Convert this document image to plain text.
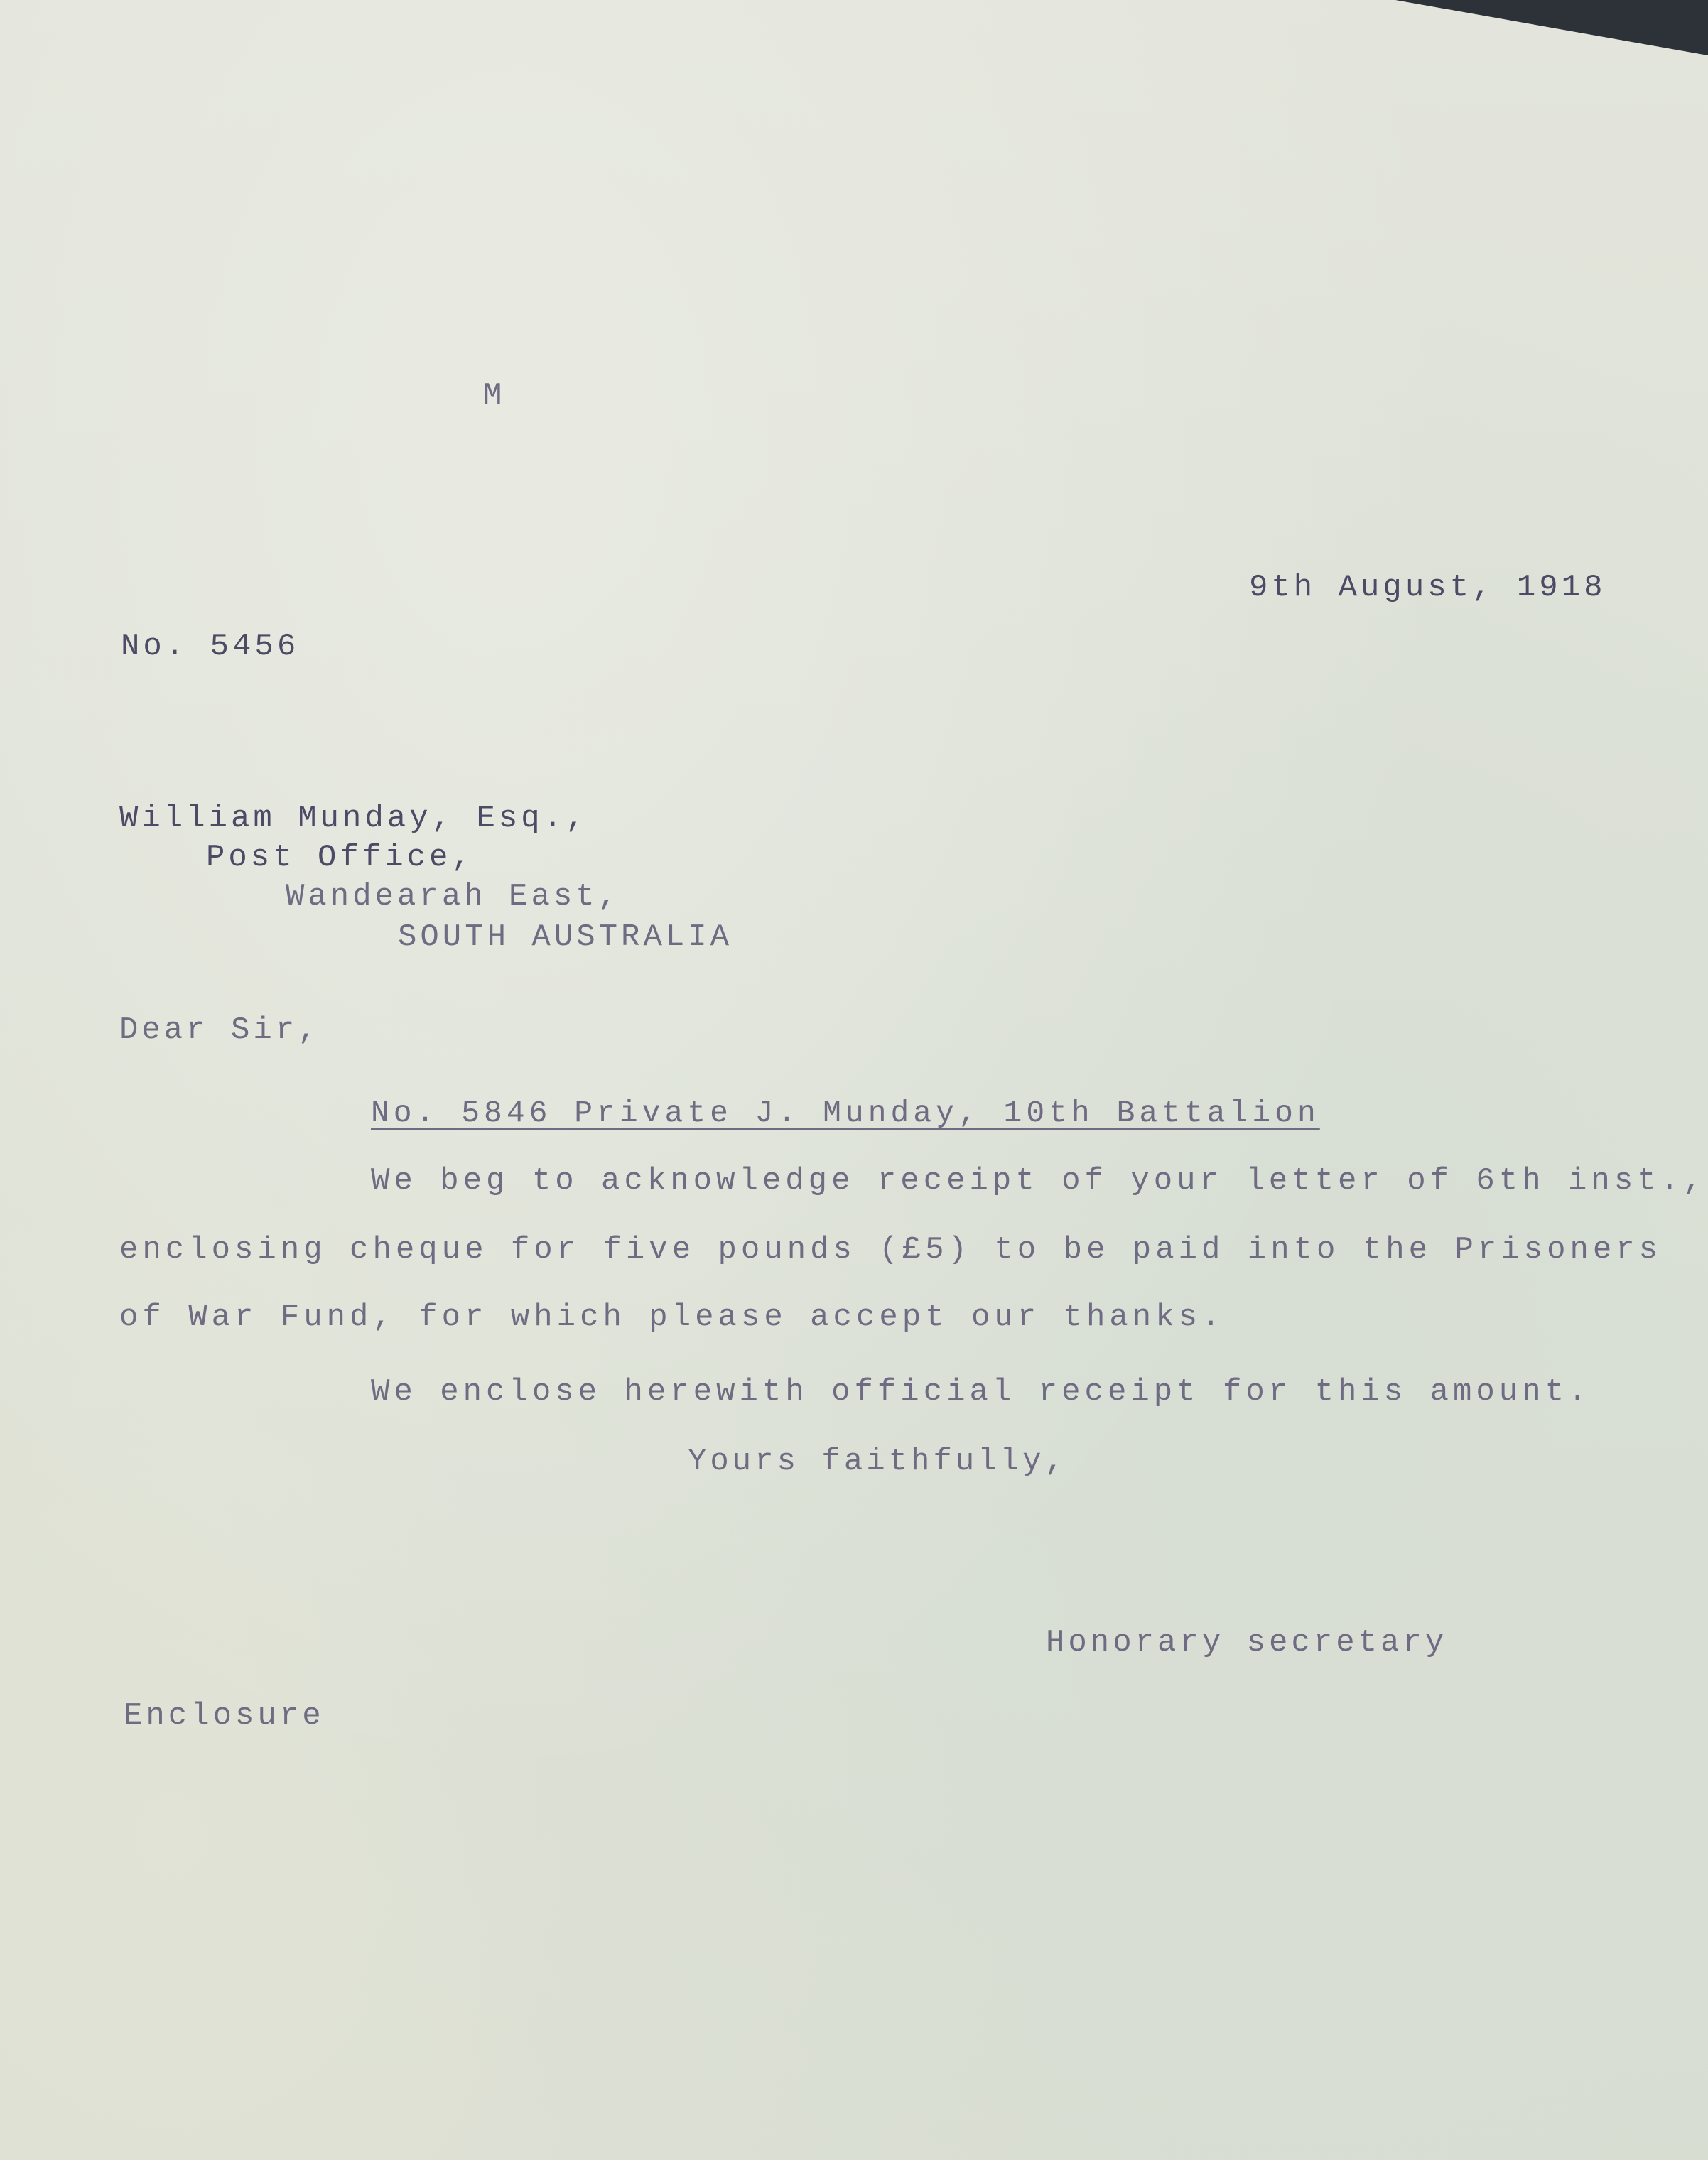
M
9th August, 1918
No. 5456
William Munday, Esq.,
Post Office,
Wandearah East,
SOUTH AUSTRALIA
Dear Sir,
No. 5846 Private J. Munday, 10th Battalion
We beg to acknowledge receipt of your letter of 6th inst.,
enclosing cheque for five pounds (£5) to be paid into the Prisoners
of War Fund, for which please accept our thanks.
We enclose herewith official receipt for this amount.
Yours faithfully,
Honorary secretary
Enclosure
